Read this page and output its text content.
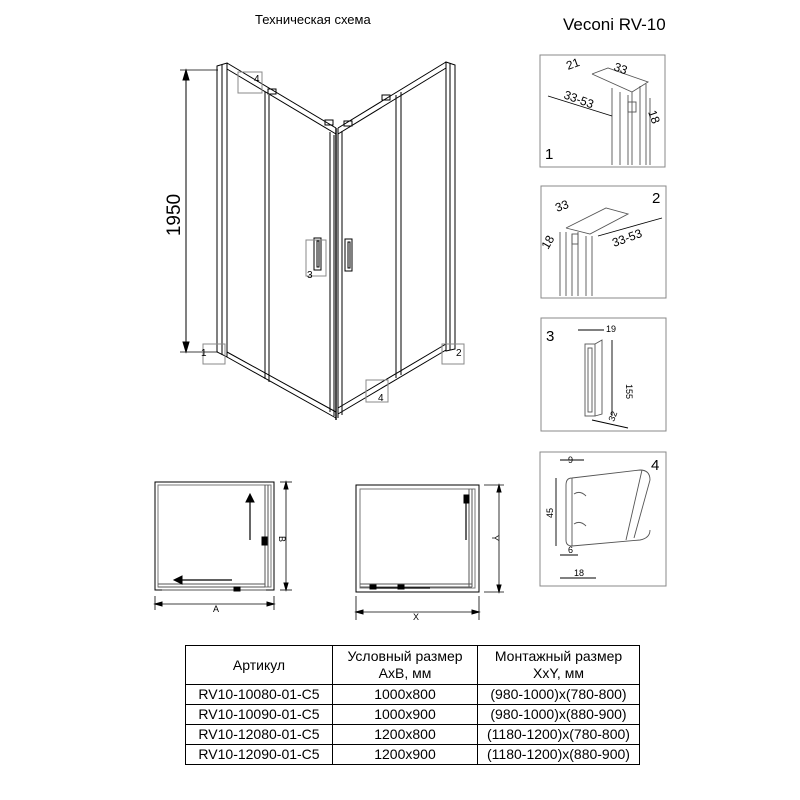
Техническая схема	Veconi RV-10
1950
4
3
1	2
4
1
21	33
33-53
18
2
33
33-53
18
3	19
155
32
4
9
45
6
18
A
B
X
Y
Артикул	Условный размер АхВ, мм	Монтажный размер ХхY, мм
RV10-10080-01-C5	1000x800	(980-1000)x(780-800)
RV10-10090-01-C5	1000x900	(980-1000)x(880-900)
RV10-12080-01-C5	1200x800	(1180-1200)x(780-800)
RV10-12090-01-C5	1200x900	(1180-1200)x(880-900)
